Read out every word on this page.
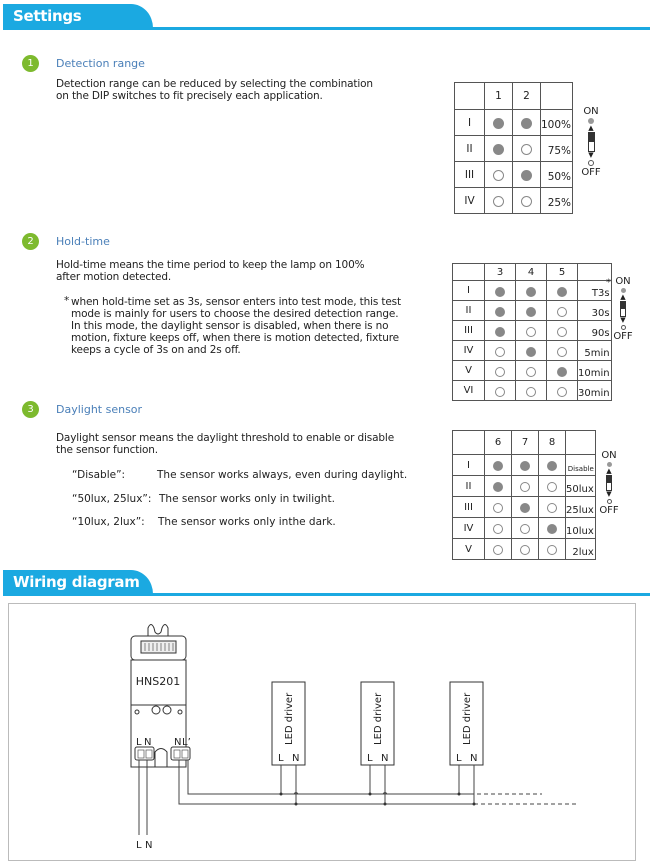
Settings
1	Detection range
Detection range can be reduced by selecting the combination on the DIP switches to fit precisely each application.
		1	2	
I			100%
II			75%
III			50%
IV			25%
ON
▲
▼
OFF
2	Hold-time
Hold-time means the time period to keep the lamp on 100% after motion detected.
* when hold-time set as 3s, sensor enters into test mode, this test mode is mainly for users to choose the desired detection range. In this mode, the daylight sensor is disabled, when there is no motion, fixture keeps off, when there is motion detected, fixture keeps a cycle of 3s on and 2s off.
	3	4	5	
I				T3s
*

II				30s
III				90s
IV				5min
V				10min
VI				30min
ON
▲
▼
OFF
3	Daylight sensor
Daylight sensor means the daylight threshold to enable or disable the sensor function.
“Disable”:	The sensor works always, even during daylight.
“50lux, 25lux”: The sensor works only in twilight.
“10lux, 2lux”: The sensor works only inthe dark.
	6	7	8	
I				Disable
II				50lux
III				25lux
IV				10lux
V				2lux
ON
▲
▼
OFF
Wiring diagram
HNS201
L N N L’
L N
LED driver	LED driver	LED driver
L N	L N	L N
